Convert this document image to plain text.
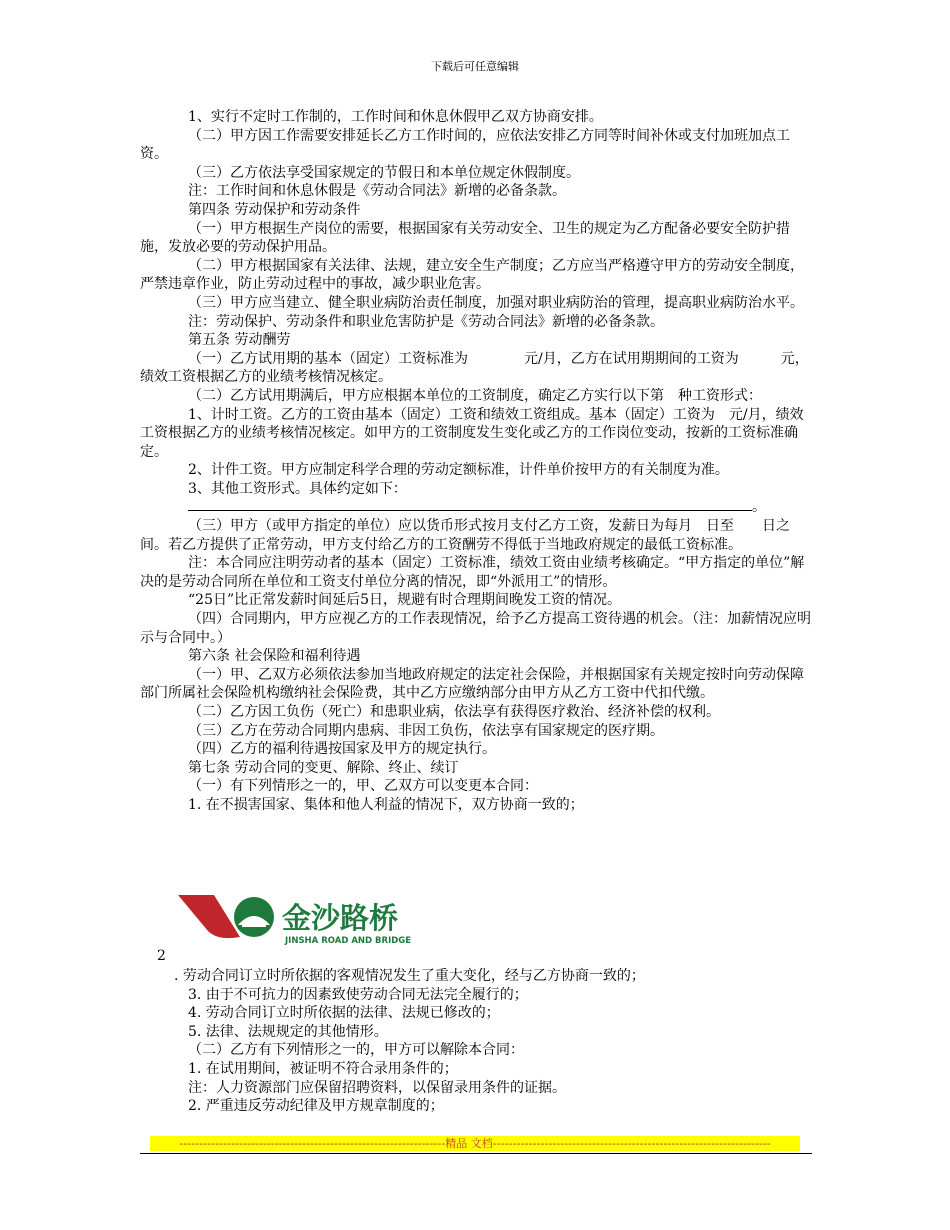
下载后可任意编辑

1、实行不定时工作制的，工作时间和休息休假甲乙双方协商安排。

（二）甲方因工作需要安排延长乙方工作时间的，应依法安排乙方同等时间补休或支付加班加点工资。

（三）乙方依法享受国家规定的节假日和本单位规定休假制度。

注：工作时间和休息休假是《劳动合同法》新增的必备条款。

第四条 劳动保护和劳动条件

（一）甲方根据生产岗位的需要，根据国家有关劳动安全、卫生的规定为乙方配备必要安全防护措施，发放必要的劳动保护用品。

（二）甲方根据国家有关法律、法规，建立安全生产制度；乙方应当严格遵守甲方的劳动安全制度，严禁违章作业，防止劳动过程中的事故，减少职业危害。

（三）甲方应当建立、健全职业病防治责任制度，加强对职业病防治的管理，提高职业病防治水平。

注：劳动保护、劳动条件和职业危害防护是《劳动合同法》新增的必备条款。

第五条 劳动酬劳

（一）乙方试用期的基本（固定）工资标准为　　　　元/月，乙方在试用期期间的工资为　　　元，绩效工资根据乙方的业绩考核情况核定。

（二）乙方试用期满后，甲方应根据本单位的工资制度，确定乙方实行以下第　种工资形式：

1、计时工资。乙方的工资由基本（固定）工资和绩效工资组成。基本（固定）工资为　元/月，绩效工资根据乙方的业绩考核情况核定。如甲方的工资制度发生变化或乙方的工作岗位变动，按新的工资标准确定。

2、计件工资。甲方应制定科学合理的劳动定额标准，计件单价按甲方的有关制度为准。

3、其他工资形式。具体约定如下：

。

（三）甲方（或甲方指定的单位）应以货币形式按月支付乙方工资，发薪日为每月　日至　　日之间。若乙方提供了正常劳动，甲方支付给乙方的工资酬劳不得低于当地政府规定的最低工资标准。

注：本合同应注明劳动者的基本（固定）工资标准，绩效工资由业绩考核确定。“甲方指定的单位”解决的是劳动合同所在单位和工资支付单位分离的情况，即“外派用工”的情形。

“25日”比正常发薪时间延后5日，规避有时合理期间晚发工资的情况。

（四）合同期内，甲方应视乙方的工作表现情况，给予乙方提高工资待遇的机会。（注：加薪情况应明示与合同中。）

第六条 社会保险和福利待遇

（一）甲、乙双方必须依法参加当地政府规定的法定社会保险，并根据国家有关规定按时向劳动保障部门所属社会保险机构缴纳社会保险费，其中乙方应缴纳部分由甲方从乙方工资中代扣代缴。

（二）乙方因工负伤（死亡）和患职业病，依法享有获得医疗救治、经济补偿的权利。

（三）乙方在劳动合同期内患病、非因工负伤，依法享有国家规定的医疗期。

（四）乙方的福利待遇按国家及甲方的规定执行。

第七条 劳动合同的变更、解除、终止、续订

（一）有下列情形之一的，甲、乙双方可以变更本合同：

1. 在不损害国家、集体和他人利益的情况下，双方协商一致的；

金沙路桥
JINSHA ROAD AND BRIDGE
2

. 劳动合同订立时所依据的客观情况发生了重大变化，经与乙方协商一致的；

3. 由于不可抗力的因素致使劳动合同无法完全履行的；

4. 劳动合同订立时所依据的法律、法规已修改的；

5. 法律、法规规定的其他情形。

（二）乙方有下列情形之一的，甲方可以解除本合同：

1. 在试用期间，被证明不符合录用条件的；

注：人力资源部门应保留招聘资料，以保留录用条件的证据。

2. 严重违反劳动纪律及甲方规章制度的；

-------------------------------------------------------------------精品 文档----------------------------------------------------------------------
